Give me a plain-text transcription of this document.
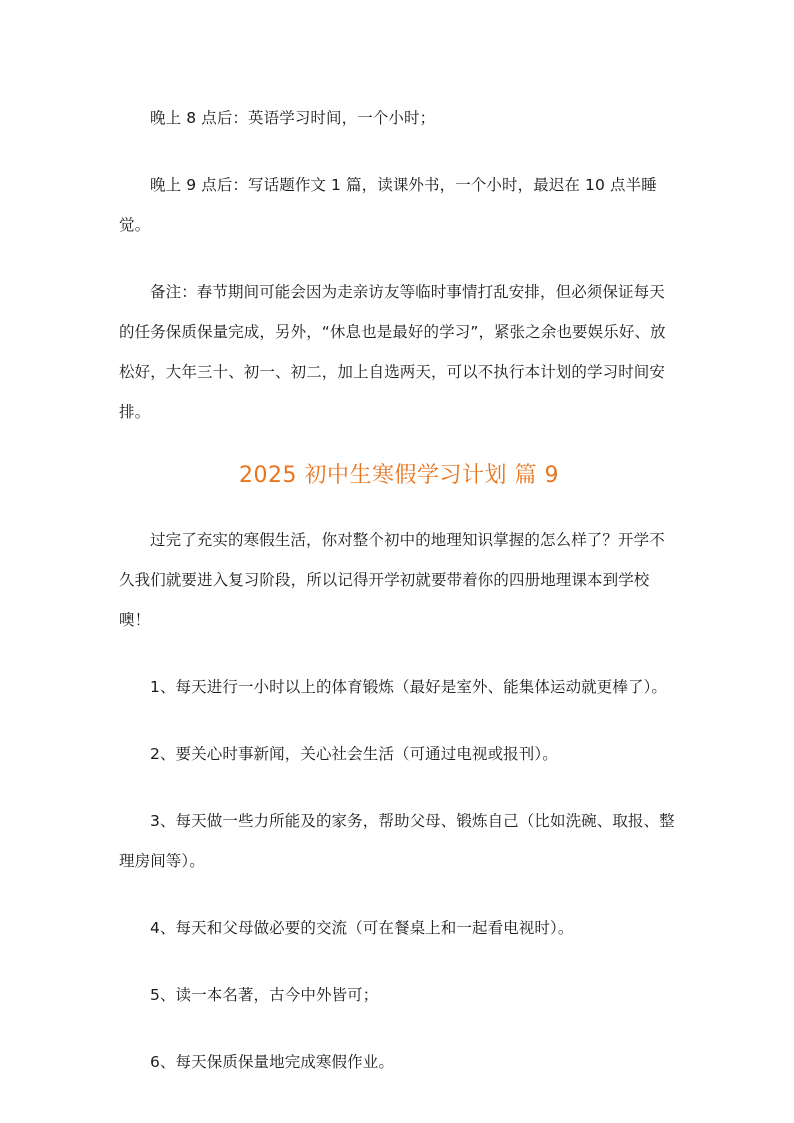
晚上 8 点后：英语学习时间，一个小时；

晚上 9 点后：写话题作文 1 篇，读课外书，一个小时，最迟在 10 点半睡觉。

备注：春节期间可能会因为走亲访友等临时事情打乱安排，但必须保证每天的任务保质保量完成，另外，“休息也是最好的学习”，紧张之余也要娱乐好、放松好，大年三十、初一、初二，加上自选两天，可以不执行本计划的学习时间安排。

2025 初中生寒假学习计划 篇 9

过完了充实的寒假生活，你对整个初中的地理知识掌握的怎么样了？开学不久我们就要进入复习阶段，所以记得开学初就要带着你的四册地理课本到学校噢！

1、每天进行一小时以上的体育锻炼（最好是室外、能集体运动就更棒了）。

2、要关心时事新闻，关心社会生活（可通过电视或报刊）。

3、每天做一些力所能及的家务，帮助父母、锻炼自己（比如洗碗、取报、整理房间等）。

4、每天和父母做必要的交流（可在餐桌上和一起看电视时）。

5、读一本名著，古今中外皆可；

6、每天保质保量地完成寒假作业。
